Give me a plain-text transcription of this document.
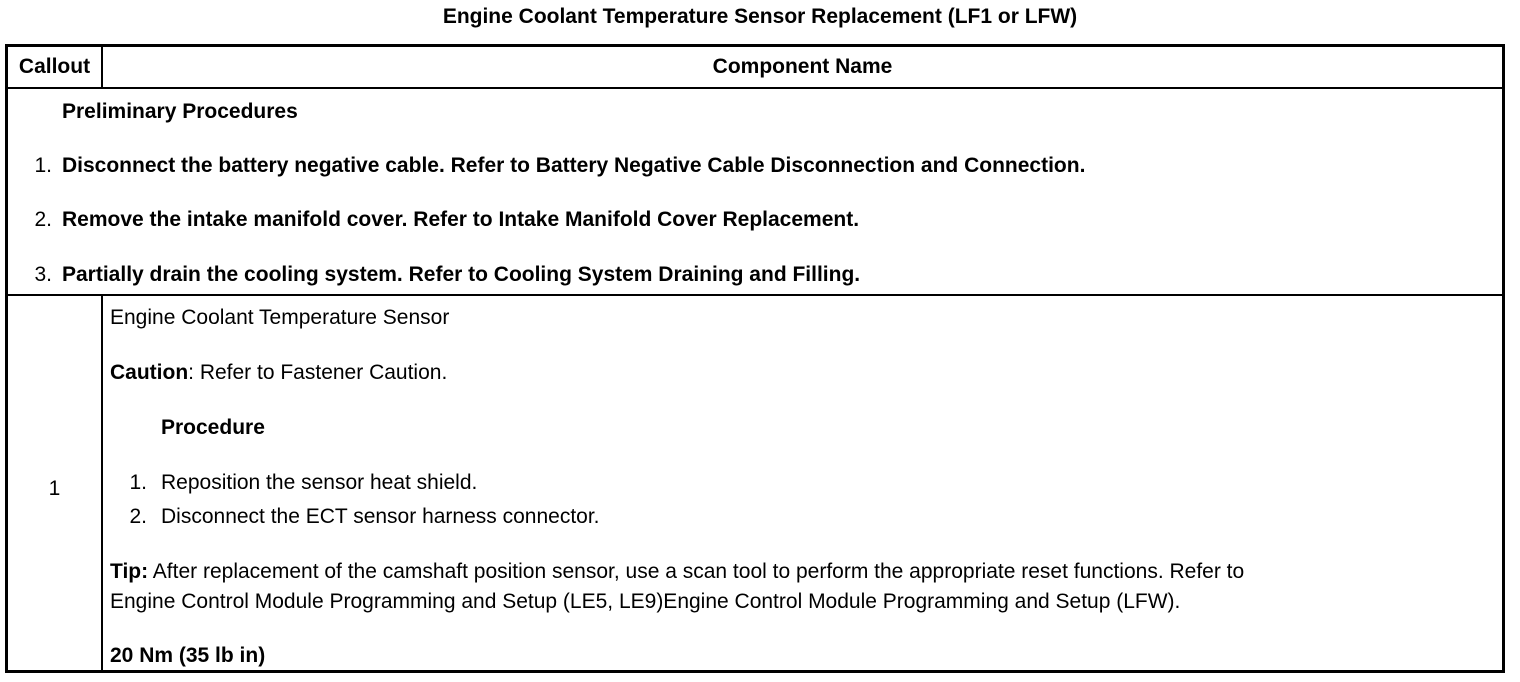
Engine Coolant Temperature Sensor Replacement (LF1 or LFW)
Callout	Component Name
Preliminary Procedures
1. Disconnect the battery negative cable. Refer to Battery Negative Cable Disconnection and Connection.
2. Remove the intake manifold cover. Refer to Intake Manifold Cover Replacement.
3. Partially drain the cooling system. Refer to Cooling System Draining and Filling.
1
Engine Coolant Temperature Sensor
Caution: Refer to Fastener Caution.
Procedure
1. Reposition the sensor heat shield.
2. Disconnect the ECT sensor harness connector.
Tip: After replacement of the camshaft position sensor, use a scan tool to perform the appropriate reset functions. Refer to
Engine Control Module Programming and Setup (LE5, LE9)Engine Control Module Programming and Setup (LFW).
20 Nm (35 lb in)
